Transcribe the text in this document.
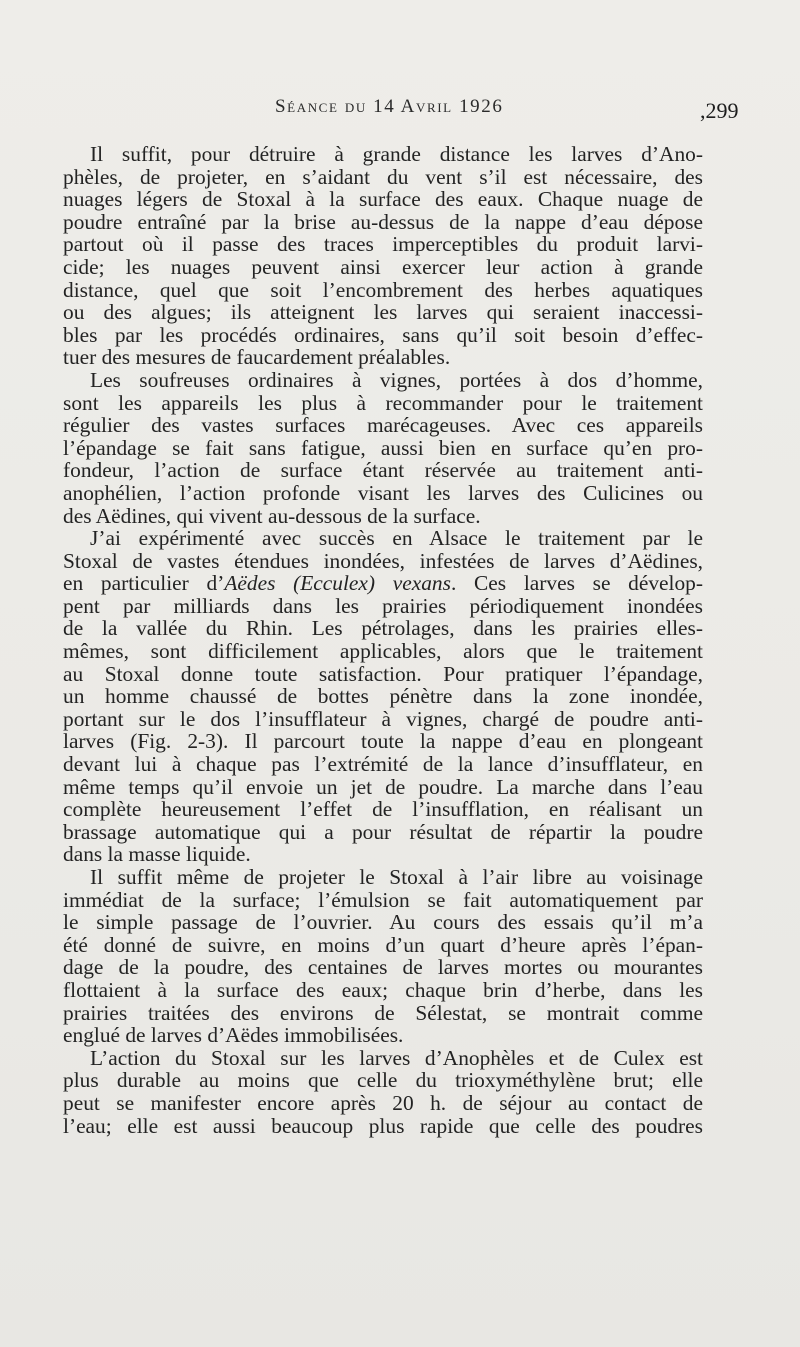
Séance du 14 Avril 1926	,299
Il suffit, pour détruire à grande distance les larves d’Ano-
phèles, de projeter, en s’aidant du vent s’il est nécessaire, des
nuages légers de Stoxal à la surface des eaux. Chaque nuage de
poudre entraîné par la brise au-dessus de la nappe d’eau dépose
partout où il passe des traces imperceptibles du produit larvi-
cide; les nuages peuvent ainsi exercer leur action à grande
distance, quel que soit l’encombrement des herbes aquatiques
ou des algues; ils atteignent les larves qui seraient inaccessi-
bles par les procédés ordinaires, sans qu’il soit besoin d’effec-
tuer des mesures de faucardement préalables.
Les soufreuses ordinaires à vignes, portées à dos d’homme,
sont les appareils les plus à recommander pour le traitement
régulier des vastes surfaces marécageuses. Avec ces appareils
l’épandage se fait sans fatigue, aussi bien en surface qu’en pro-
fondeur, l’action de surface étant réservée au traitement anti-
anophélien, l’action profonde visant les larves des Culicines ou
des Aëdines, qui vivent au-dessous de la surface.
J’ai expérimenté avec succès en Alsace le traitement par le
Stoxal de vastes étendues inondées, infestées de larves d’Aëdines,
en particulier d’Aëdes (Ecculex) vexans. Ces larves se dévelop-
pent par milliards dans les prairies périodiquement inondées
de la vallée du Rhin. Les pétrolages, dans les prairies elles-
mêmes, sont difficilement applicables, alors que le traitement
au Stoxal donne toute satisfaction. Pour pratiquer l’épandage,
un homme chaussé de bottes pénètre dans la zone inondée,
portant sur le dos l’insufflateur à vignes, chargé de poudre anti-
larves (Fig. 2-3). Il parcourt toute la nappe d’eau en plongeant
devant lui à chaque pas l’extrémité de la lance d’insufflateur, en
même temps qu’il envoie un jet de poudre. La marche dans l’eau
complète heureusement l’effet de l’insufflation, en réalisant un
brassage automatique qui a pour résultat de répartir la poudre
dans la masse liquide.
Il suffit même de projeter le Stoxal à l’air libre au voisinage
immédiat de la surface; l’émulsion se fait automatiquement par
le simple passage de l’ouvrier. Au cours des essais qu’il m’a
été donné de suivre, en moins d’un quart d’heure après l’épan-
dage de la poudre, des centaines de larves mortes ou mourantes
flottaient à la surface des eaux; chaque brin d’herbe, dans les
prairies traitées des environs de Sélestat, se montrait comme
englué de larves d’Aëdes immobilisées.
L’action du Stoxal sur les larves d’Anophèles et de Culex est
plus durable au moins que celle du trioxyméthylène brut; elle
peut se manifester encore après 20 h. de séjour au contact de
l’eau; elle est aussi beaucoup plus rapide que celle des poudres
